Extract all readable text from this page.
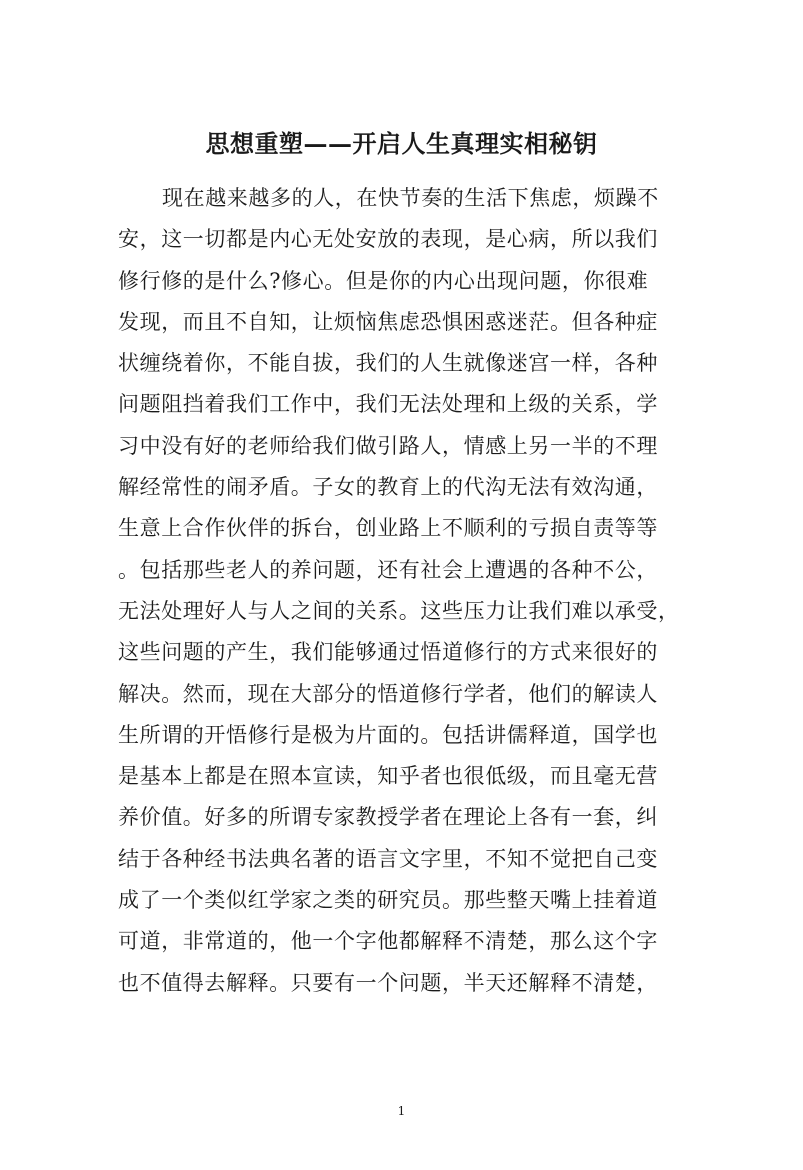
思想重塑——开启人生真理实相秘钥
现在越来越多的人，在快节奏的生活下焦虑，烦躁不
安，这一切都是内心无处安放的表现，是心病，所以我们
修行修的是什么?修心。但是你的内心出现问题，你很难
发现，而且不自知，让烦恼焦虑恐惧困惑迷茫。但各种症
状缠绕着你，不能自拔，我们的人生就像迷宫一样，各种
问题阻挡着我们工作中，我们无法处理和上级的关系，学
习中没有好的老师给我们做引路人，情感上另一半的不理
解经常性的闹矛盾。子女的教育上的代沟无法有效沟通，
生意上合作伙伴的拆台，创业路上不顺利的亏损自责等等
。包括那些老人的养问题，还有社会上遭遇的各种不公，
无法处理好人与人之间的关系。这些压力让我们难以承受，
这些问题的产生，我们能够通过悟道修行的方式来很好的
解决。然而，现在大部分的悟道修行学者，他们的解读人
生所谓的开悟修行是极为片面的。包括讲儒释道，国学也
是基本上都是在照本宣读，知乎者也很低级，而且毫无营
养价值。好多的所谓专家教授学者在理论上各有一套，纠
结于各种经书法典名著的语言文字里，不知不觉把自己变
成了一个类似红学家之类的研究员。那些整天嘴上挂着道
可道，非常道的，他一个字他都解释不清楚，那么这个字
也不值得去解释。只要有一个问题，半天还解释不清楚，
1
